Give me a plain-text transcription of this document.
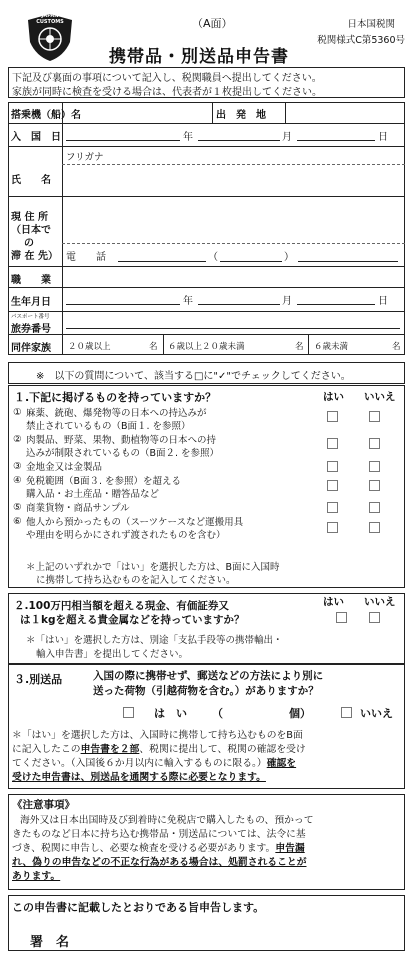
JAPAN CUSTOMS	（A面）	日本国税関
税関様式C第5360号
携帯品・別送品申告書
下記及び裏面の事項について記入し、税関職員へ提出してください。
家族が同時に検査を受ける場合は、代表者が１枚提出してください。
搭乗機（船）名	出　発　地
入　国　日	年	月	日
フリガナ
氏　　名
現 住 所
（日本で
の
滞 在 先） 電　　話	（	）
職　　業
生年月日	年	月	日
パスポート番号
旅券番号
同伴家族 ２０歳以上	名 ６歳以上２０歳未満	名 ６歳未満	名
※　以下の質問について、該当する□に"✓"でチェックしてください。
１.下記に掲げるものを持っていますか？	はい いいえ
① 麻薬、銃砲、爆発物等の日本への持込みが
禁止されているもの（B面１. を参照）
② 肉製品、野菜、果物、動植物等の日本への持
込みが制限されているもの（B面２. を参照）
③ 金地金又は金製品
④ 免税範囲（B面３. を参照）を超える
購入品・お土産品・贈答品など
⑤ 商業貨物・商品サンプル
⑥ 他人から預かったもの（スーツケースなど運搬用具
や理由を明らかにされず渡されたものを含む）
＊上記のいずれかで「はい」を選択した方は、B面に入国時
に携帯して持ち込むものを記入してください。
２.100万円相当額を超える現金、有価証券又
は１kgを超える貴金属などを持っていますか？
はい いいえ
＊「はい」を選択した方は、別途「支払手段等の携帯輸出・
輸入申告書」を提出してください。
３.別送品	入国の際に携帯せず、郵送などの方法により別に
送った荷物（引越荷物を含む。）がありますか？
は　い （　　　　　　個）	いいえ
＊「はい」を選択した方は、入国時に携帯して持ち込むものをB面
に記入したこの申告書を２部、税関に提出して、税関の確認を受け
てください。（入国後６か月以内に輸入するものに限る。）確認を
受けた申告書は、別送品を通関する際に必要となります。
《注意事項》
海外又は日本出国時及び到着時に免税店で購入したもの、預かって
きたものなど日本に持ち込む携帯品・別送品については、法令に基
づき、税関に申告し、必要な検査を受ける必要があります。申告漏
れ、偽りの申告などの不正な行為がある場合は、処罰されることが
あります。
この申告書に記載したとおりである旨申告します。
署　名
